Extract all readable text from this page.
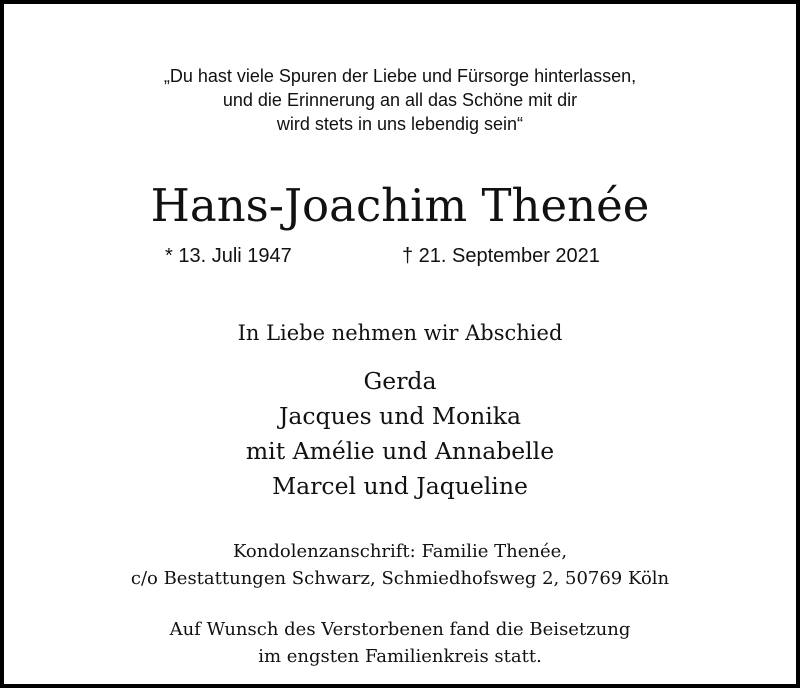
„Du hast viele Spuren der Liebe und Fürsorge hinterlassen,
und die Erinnerung an all das Schöne mit dir
wird stets in uns lebendig sein“
Hans-Joachim Thenée
* 13. Juli 1947	† 21. September 2021
In Liebe nehmen wir Abschied
Gerda
Jacques und Monika
mit Amélie und Annabelle
Marcel und Jaqueline
Kondolenzanschrift: Familie Thenée,
c/o Bestattungen Schwarz, Schmiedhofsweg 2, 50769 Köln
Auf Wunsch des Verstorbenen fand die Beisetzung
im engsten Familienkreis statt.
